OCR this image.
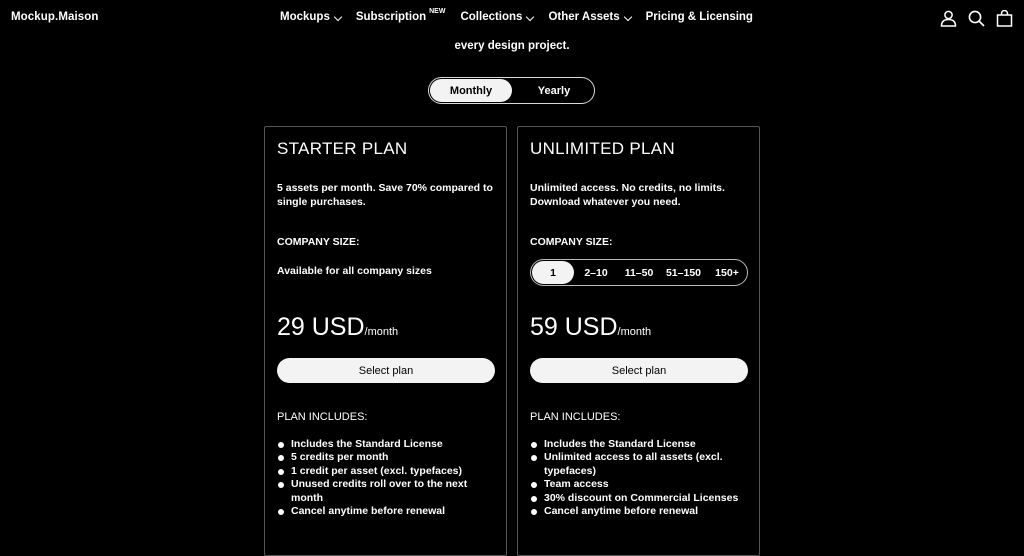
Mockup.Maison	Mockups Subscription $^{NEW}$ Collections Other Assets Pricing & Licensing
every design project.
Monthly	Yearly
STARTER PLAN
5 assets per month. Save 70% compared to single purchases.
COMPANY SIZE:
Available for all company sizes
29 USD/month
Select plan
PLAN INCLUDES:
Includes the Standard License
5 credits per month
1 credit per asset (excl. typefaces)
Unused credits roll over to the next month
Cancel anytime before renewal
UNLIMITED PLAN
Unlimited access. No credits, no limits. Download whatever you need.
COMPANY SIZE:
1	2–10	11–50	51–150	150+
59 USD/month
Select plan
PLAN INCLUDES:
Includes the Standard License
Unlimited access to all assets (excl. typefaces)
Team access
30% discount on Commercial Licenses
Cancel anytime before renewal
